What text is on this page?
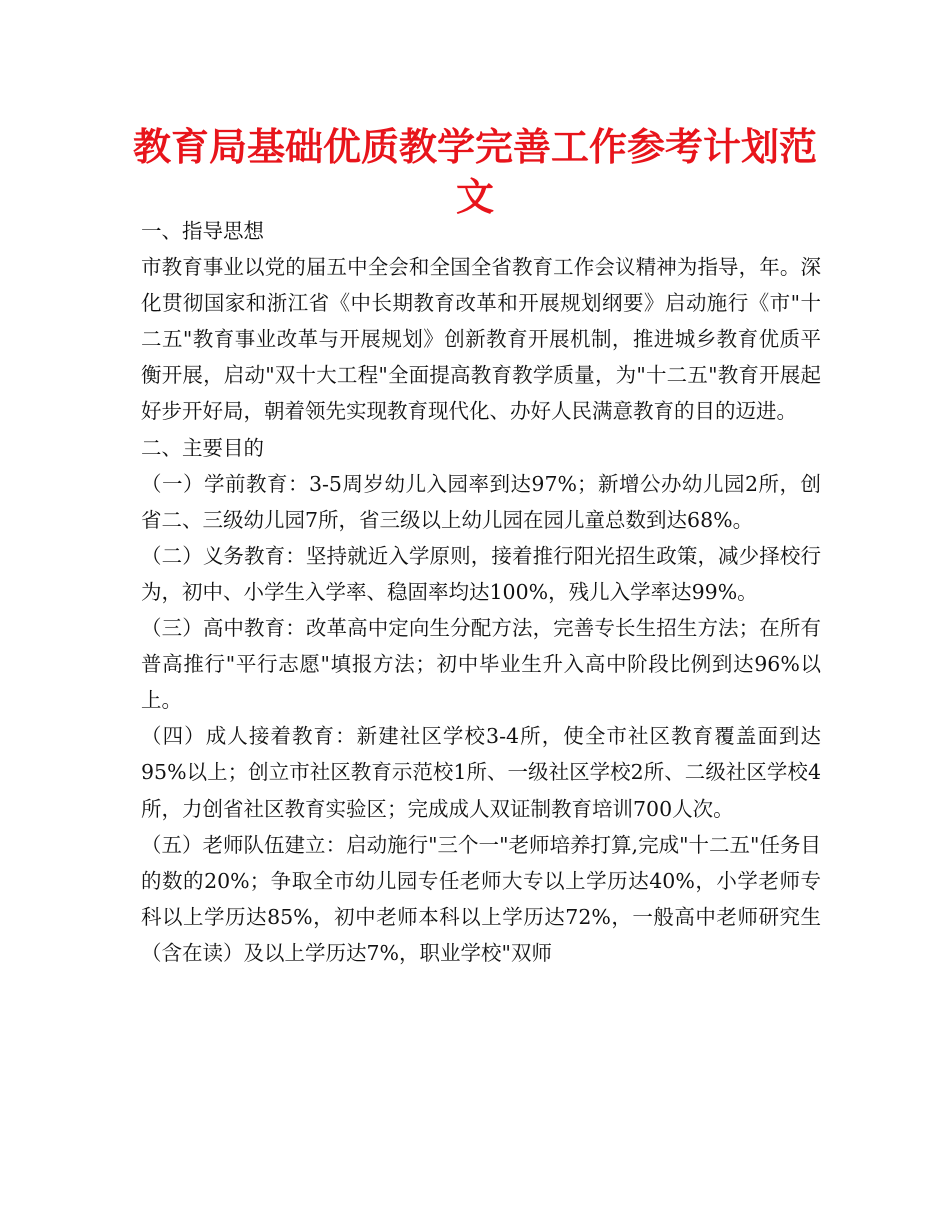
教育局基础优质教学完善工作参考计划范文

一、指导思想

市教育事业以党的届五中全会和全国全省教育工作会议精神为指导，年。深化贯彻国家和浙江省《中长期教育改革和开展规划纲要》启动施行《市"十二五"教育事业改革与开展规划》创新教育开展机制，推进城乡教育优质平衡开展，启动"双十大工程"全面提高教育教学质量，为"十二五"教育开展起好步开好局，朝着领先实现教育现代化、办好人民满意教育的目的迈进。

二、主要目的

（一）学前教育：3-5周岁幼儿入园率到达97%；新增公办幼儿园2所，创省二、三级幼儿园7所，省三级以上幼儿园在园儿童总数到达68%。

（二）义务教育：坚持就近入学原则，接着推行阳光招生政策，减少择校行为，初中、小学生入学率、稳固率均达100%，残儿入学率达99%。

（三）高中教育：改革高中定向生分配方法，完善专长生招生方法；在所有普高推行"平行志愿"填报方法；初中毕业生升入高中阶段比例到达96%以上。

（四）成人接着教育：新建社区学校3-4所，使全市社区教育覆盖面到达95%以上；创立市社区教育示范校1所、一级社区学校2所、二级社区学校4所，力创省社区教育实验区；完成成人双证制教育培训700人次。

（五）老师队伍建立：启动施行"三个一"老师培养打算,完成"十二五"任务目的数的20%；争取全市幼儿园专任老师大专以上学历达40%，小学老师专科以上学历达85%，初中老师本科以上学历达72%，一般高中老师研究生（含在读）及以上学历达7%，职业学校"双师
